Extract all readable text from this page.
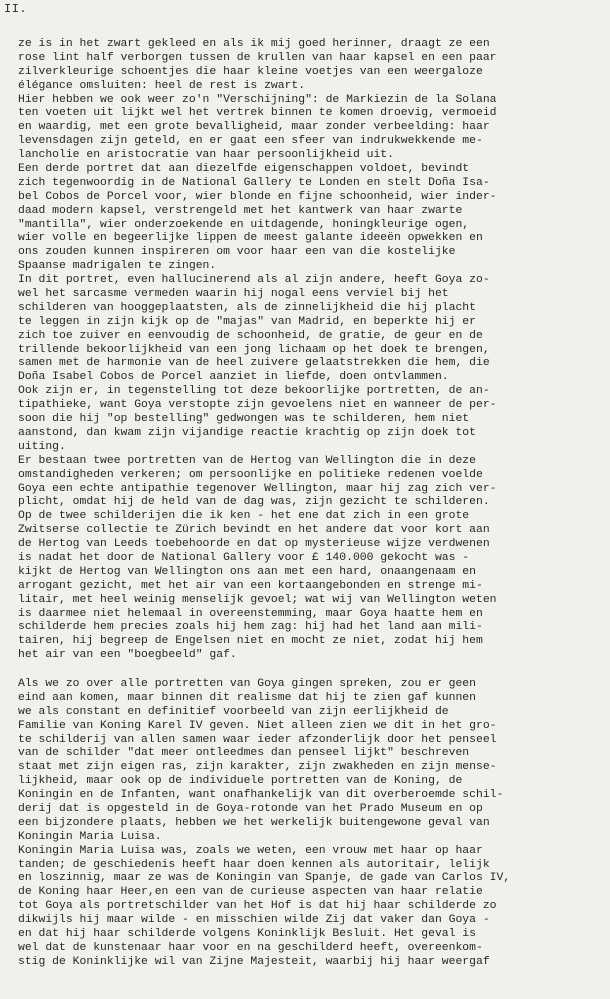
II.
ze is in het zwart gekleed en als ik mij goed herinner, draagt ze een
rose lint half verborgen tussen de krullen van haar kapsel en een paar
zilverkleurige schoentjes die haar kleine voetjes van een weergaloze
élégance omsluiten: heel de rest is zwart.
Hier hebben we ook weer zo'n "Verschijning": de Markiezin de la Solana
ten voeten uit lijkt wel het vertrek binnen te komen droevig, vermoeid
en waardig, met een grote bevalligheid, maar zonder verbeelding: haar
levensdagen zijn geteld, en er gaat een sfeer van indrukwekkende me-
lancholie en aristocratie van haar persoonlijkheid uit.
Een derde portret dat aan diezelfde eigenschappen voldoet, bevindt
zich tegenwoordig in de National Gallery te Londen en stelt Doña Isa-
bel Cobos de Porcel voor, wier blonde en fijne schoonheid, wier inder-
daad modern kapsel, verstrengeld met het kantwerk van haar zwarte
"mantilla", wier onderzoekende en uitdagende, honingkleurige ogen,
wier volle en begeerlijke lippen de meest galante ideeën opwekken en
ons zouden kunnen inspireren om voor haar een van die kostelijke
Spaanse madrigalen te zingen.
In dit portret, even hallucinerend als al zijn andere, heeft Goya zo-
wel het sarcasme vermeden waarin hij nogal eens verviel bij het
schilderen van hooggeplaatsten, als de zinnelijkheid die hij placht
te leggen in zijn kijk op de "majas" van Madrid, en beperkte hij er
zich toe zuiver en eenvoudig de schoonheid, de gratie, de geur en de
trillende bekoorlijkheid van een jong lichaam op het doek te brengen,
samen met de harmonie van de heel zuivere gelaatstrekken die hem, die
Doña Isabel Cobos de Porcel aanziet in liefde, doen ontvlammen.
Ook zijn er, in tegenstelling tot deze bekoorlijke portretten, de an-
tipathieke, want Goya verstopte zijn gevoelens niet en wanneer de per-
soon die hij "op bestelling" gedwongen was te schilderen, hem niet
aanstond, dan kwam zijn vijandige reactie krachtig op zijn doek tot
uiting.
Er bestaan twee portretten van de Hertog van Wellington die in deze
omstandigheden verkeren; om persoonlijke en politieke redenen voelde
Goya een echte antipathie tegenover Wellington, maar hij zag zich ver-
plicht, omdat hij de held van de dag was, zijn gezicht te schilderen.
Op de twee schilderijen die ik ken - het ene dat zich in een grote
Zwitserse collectie te Zürich bevindt en het andere dat voor kort aan
de Hertog van Leeds toebehoorde en dat op mysterieuse wijze verdwenen
is nadat het door de National Gallery voor £ 140.000 gekocht was -
kijkt de Hertog van Wellington ons aan met een hard, onaangenaam en
arrogant gezicht, met het air van een kortaangebonden en strenge mi-
litair, met heel weinig menselijk gevoel; wat wij van Wellington weten
is daarmee niet helemaal in overeenstemming, maar Goya haatte hem en
schilderde hem precies zoals hij hem zag: hij had het land aan mili-
tairen, hij begreep de Engelsen niet en mocht ze niet, zodat hij hem
het air van een "boegbeeld" gaf.
Als we zo over alle portretten van Goya gingen spreken, zou er geen
eind aan komen, maar binnen dit realisme dat hij te zien gaf kunnen
we als constant en definitief voorbeeld van zijn eerlijkheid de
Familie van Koning Karel IV geven. Niet alleen zien we dit in het gro-
te schilderij van allen samen waar ieder afzonderlijk door het penseel
van de schilder "dat meer ontleedmes dan penseel lijkt" beschreven
staat met zijn eigen ras, zijn karakter, zijn zwakheden en zijn mense-
lijkheid, maar ook op de individuele portretten van de Koning, de
Koningin en de Infanten, want onafhankelijk van dit overberoemde schil-
derij dat is opgesteld in de Goya-rotonde van het Prado Museum en op
een bijzondere plaats, hebben we het werkelijk buitengewone geval van
Koningin Maria Luisa.
Koningin Maria Luisa was, zoals we weten, een vrouw met haar op haar
tanden; de geschiedenis heeft haar doen kennen als autoritair, lelijk
en loszinnig, maar ze was de Koningin van Spanje, de gade van Carlos IV,
de Koning haar Heer,en een van de curieuse aspecten van haar relatie
tot Goya als portretschilder van het Hof is dat hij haar schilderde zo
dikwijls hij maar wilde - en misschien wilde Zij dat vaker dan Goya -
en dat hij haar schilderde volgens Koninklijk Besluit. Het geval is
wel dat de kunstenaar haar voor en na geschilderd heeft, overeenkom-
stig de Koninklijke wil van Zijne Majesteit, waarbij hij haar weergaf
